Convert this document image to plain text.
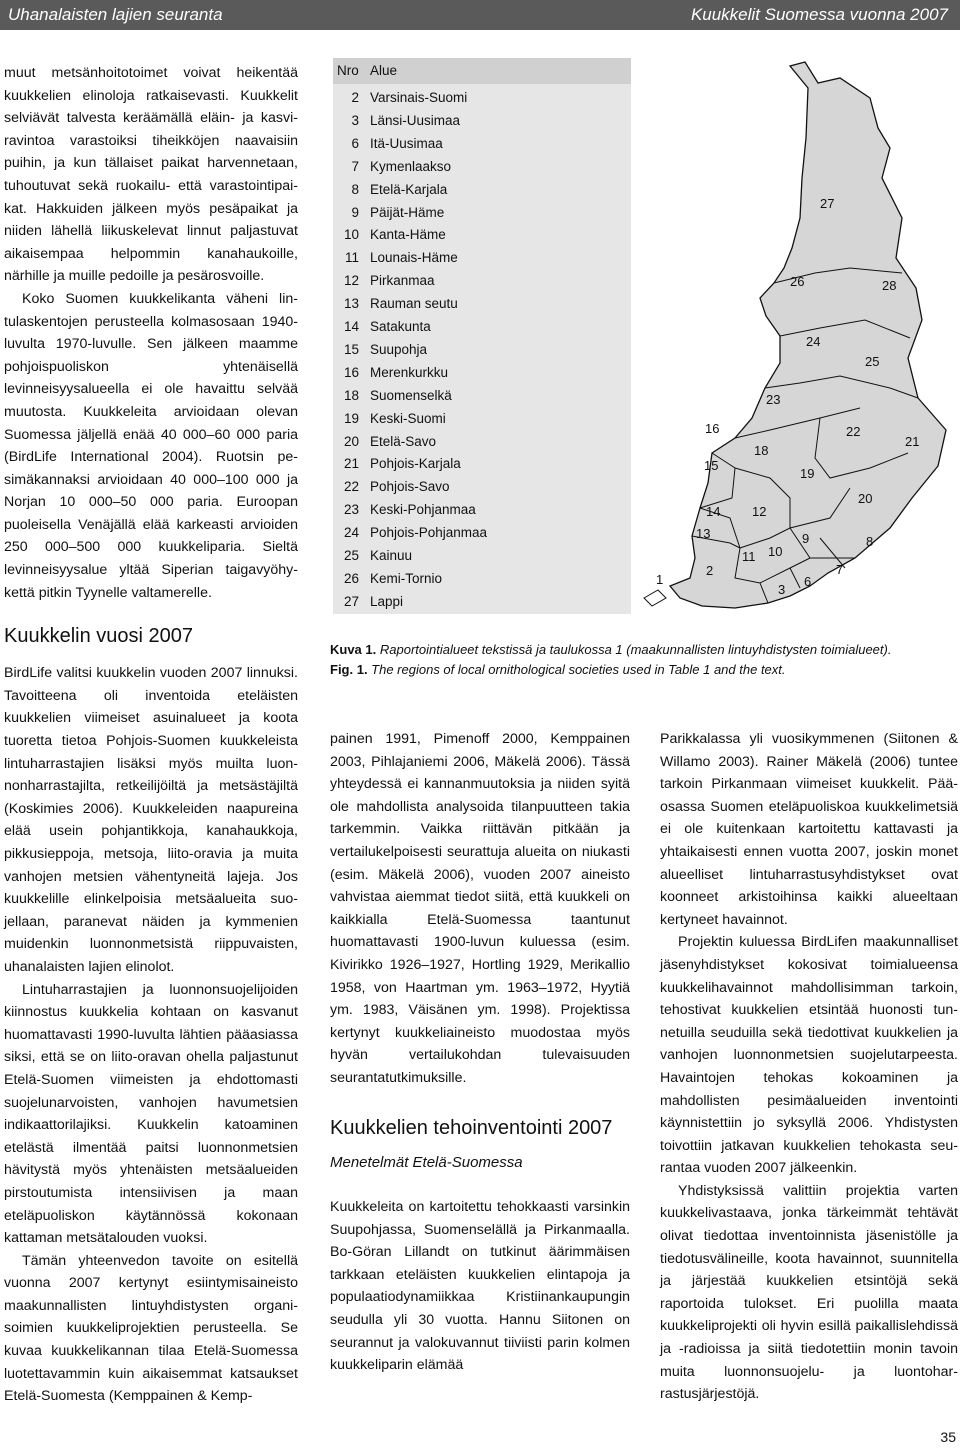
Uhanalaisten lajien seuranta	Kuukkelit Suomessa vuonna 2007

muut metsänhoitotoimet voivat heikentää kuukkelien elinoloja ratkaisevasti. Kuukkelit selviävät talvesta keräämällä eläin- ja kasviravintoa varastoiksi tiheikköjen naavaisiin puihin, ja kun tällaiset paikat harvennetaan, tuhoutuvat sekä ruokailu- että varastointipaikat. Hakkuiden jälkeen myös pesäpaikat ja niiden lähellä liikuskelevat linnut paljastuvat aikaisempaa helpommin kanahaukoille, närhille ja muille pedoille ja pesärosvoille.

Koko Suomen kuukkelikanta väheni lintulaskentojen perusteella kolmasosaan 1940-luvulta 1970-luvulle. Sen jälkeen maamme pohjoispuoliskon yhtenäisellä levinneisyysalueella ei ole havaittu selvää muutosta. Kuukkeleita arvioidaan olevan Suomessa jäljellä enää 40 000–60 000 paria (BirdLife International 2004). Ruotsin pesimäkannaksi arvioidaan 40 000–100 000 ja Norjan 10 000–50 000 paria. Euroopan puoleisella Venäjällä elää karkeasti arvioiden 250 000–500 000 kuukkeliparia. Sieltä levinneisyysalue yltää Siperian taigavyöhykettä pitkin Tyynelle valtamerelle.

Kuukkelin vuosi 2007

BirdLife valitsi kuukkelin vuoden 2007 linnuksi. Tavoitteena oli inventoida eteläisten kuukkelien viimeiset asuinalueet ja koota tuoretta tietoa Pohjois-Suomen kuukkeleista lintuharrastajien lisäksi myös muilta luonnonharrastajilta, retkeilijöiltä ja metsästäjiltä (Koskimies 2006). Kuukkeleiden naapureina elää usein pohjantikkoja, kanahaukkoja, pikkusieppoja, metsoja, liito-oravia ja muita vanhojen metsien vähentyneitä lajeja. Jos kuukkelille elinkelpoisia metsäalueita suojellaan, paranevat näiden ja kymmenien muidenkin luonnonmetsistä riippuvaisten, uhanalaisten lajien elinolot.

Lintuharrastajien ja luonnonsuojelijoiden kiinnostus kuukkelia kohtaan on kasvanut huomattavasti 1990-luvulta lähtien pääasiassa siksi, että se on liito-oravan ohella paljastunut Etelä-Suomen viimeisten ja ehdottomasti suojelunarvoisten, vanhojen havumetsien indikaattorilajiksi. Kuukkelin katoaminen etelästä ilmentää paitsi luonnonmetsien hävitystä myös yhtenäisten metsäalueiden pirstoutumista intensiivisen ja maan eteläpuoliskon käytännössä kokonaan kattaman metsätalouden vuoksi.

Tämän yhteenvedon tavoite on esitellä vuonna 2007 kertynyt esiintymisaineisto maakunnallisten lintuyhdistysten organisoimien kuukkeliprojektien perusteella. Se kuvaa kuukkelikannan tilaa Etelä-Suomessa luotettavammin kuin aikaisemmat katsaukset Etelä-Suomesta (Kemppainen & Kemp-

Nro Alue
2 Varsinais-Suomi
3 Länsi-Uusimaa
6 Itä-Uusimaa
7 Kymenlaakso
8 Etelä-Karjala
9 Päijät-Häme
10 Kanta-Häme
11 Lounais-Häme
12 Pirkanmaa
13 Rauman seutu
14 Satakunta
15 Suupohja
16 Merenkurkku
18 Suomenselkä
19 Keski-Suomi
20 Etelä-Savo
21 Pohjois-Karjala
22 Pohjois-Savo
23 Keski-Pohjanmaa
24 Pohjois-Pohjanmaa
25 Kainuu
26 Kemi-Tornio
27 Lappi
27
26	28
24
25
23
22
21
16
18
15
19
20
14 12
13	9	8
10
11
2	7
6
3
1
Kuva 1. Raportointialueet tekstissä ja taulukossa 1 (maakunnallisten lintuyhdistysten toimialueet).
Fig. 1. The regions of local ornithological societies used in Table 1 and the text.

painen 1991, Pimenoff 2000, Kemppainen 2003, Pihlajaniemi 2006, Mäkelä 2006). Tässä yhteydessä ei kannanmuutoksia ja niiden syitä ole mahdollista analysoida tilanpuutteen takia tarkemmin. Vaikka riittävän pitkään ja vertailukelpoisesti seurattuja alueita on niukasti (esim. Mäkelä 2006), vuoden 2007 aineisto vahvistaa aiemmat tiedot siitä, että kuukkeli on kaikkialla Etelä-Suomessa taantunut huomattavasti 1900-luvun kuluessa (esim. Kivirikko 1926–1927, Hortling 1929, Merikallio 1958, von Haartman ym. 1963–1972, Hyytiä ym. 1983, Väisänen ym. 1998). Projektissa kertynyt kuukkeliaineisto muodostaa myös hyvän vertailukohdan tulevaisuuden seurantatutkimuksille.

Kuukkelien tehoinventointi 2007
Menetelmät Etelä-Suomessa

Kuukkeleita on kartoitettu tehokkaasti varsinkin Suupohjassa, Suomenselällä ja Pirkanmaalla. Bo-Göran Lillandt on tutkinut äärimmäisen tarkkaan eteläisten kuukkelien elintapoja ja populaatiodynamiikkaa Kristiinankaupungin seudulla yli 30 vuotta. Hannu Siitonen on seurannut ja valokuvannut tiiviisti parin kolmen kuukkeliparin elämää

Parikkalassa yli vuosikymmenen (Siitonen & Willamo 2003). Rainer Mäkelä (2006) tuntee tarkoin Pirkanmaan viimeiset kuukkelit. Pääosassa Suomen eteläpuoliskoa kuukkelimetsiä ei ole kuitenkaan kartoitettu kattavasti ja yhtaikaisesti ennen vuotta 2007, joskin monet alueelliset lintuharrastusyhdistykset ovat koonneet arkistoihinsa kaikki alueeltaan kertyneet havainnot.

Projektin kuluessa BirdLifen maakunnalliset jäsenyhdistykset kokosivat toimialueensa kuukkelihavainnot mahdollisimman tarkoin, tehostivat kuukkelien etsintää huonosti tunnetuilla seuduilla sekä tiedottivat kuukkelien ja vanhojen luonnonmetsien suojelutarpeesta. Havaintojen tehokas kokoaminen ja mahdollisten pesimäalueiden inventointi käynnistettiin jo syksyllä 2006. Yhdistysten toivottiin jatkavan kuukkelien tehokasta seurantaa vuoden 2007 jälkeenkin.

Yhdistyksissä valittiin projektia varten kuukkelivastaava, jonka tärkeimmät tehtävät olivat tiedottaa inventoinnista jäsenistölle ja tiedotusvälineille, koota havainnot, suunnitella ja järjestää kuukkelien etsintöjä sekä raportoida tulokset. Eri puolilla maata kuukkeliprojekti oli hyvin esillä paikallislehdissä ja -radioissa ja siitä tiedotettiin monin tavoin muita luonnonsuojelu- ja luontoharrastusjärjestöjä.

35
